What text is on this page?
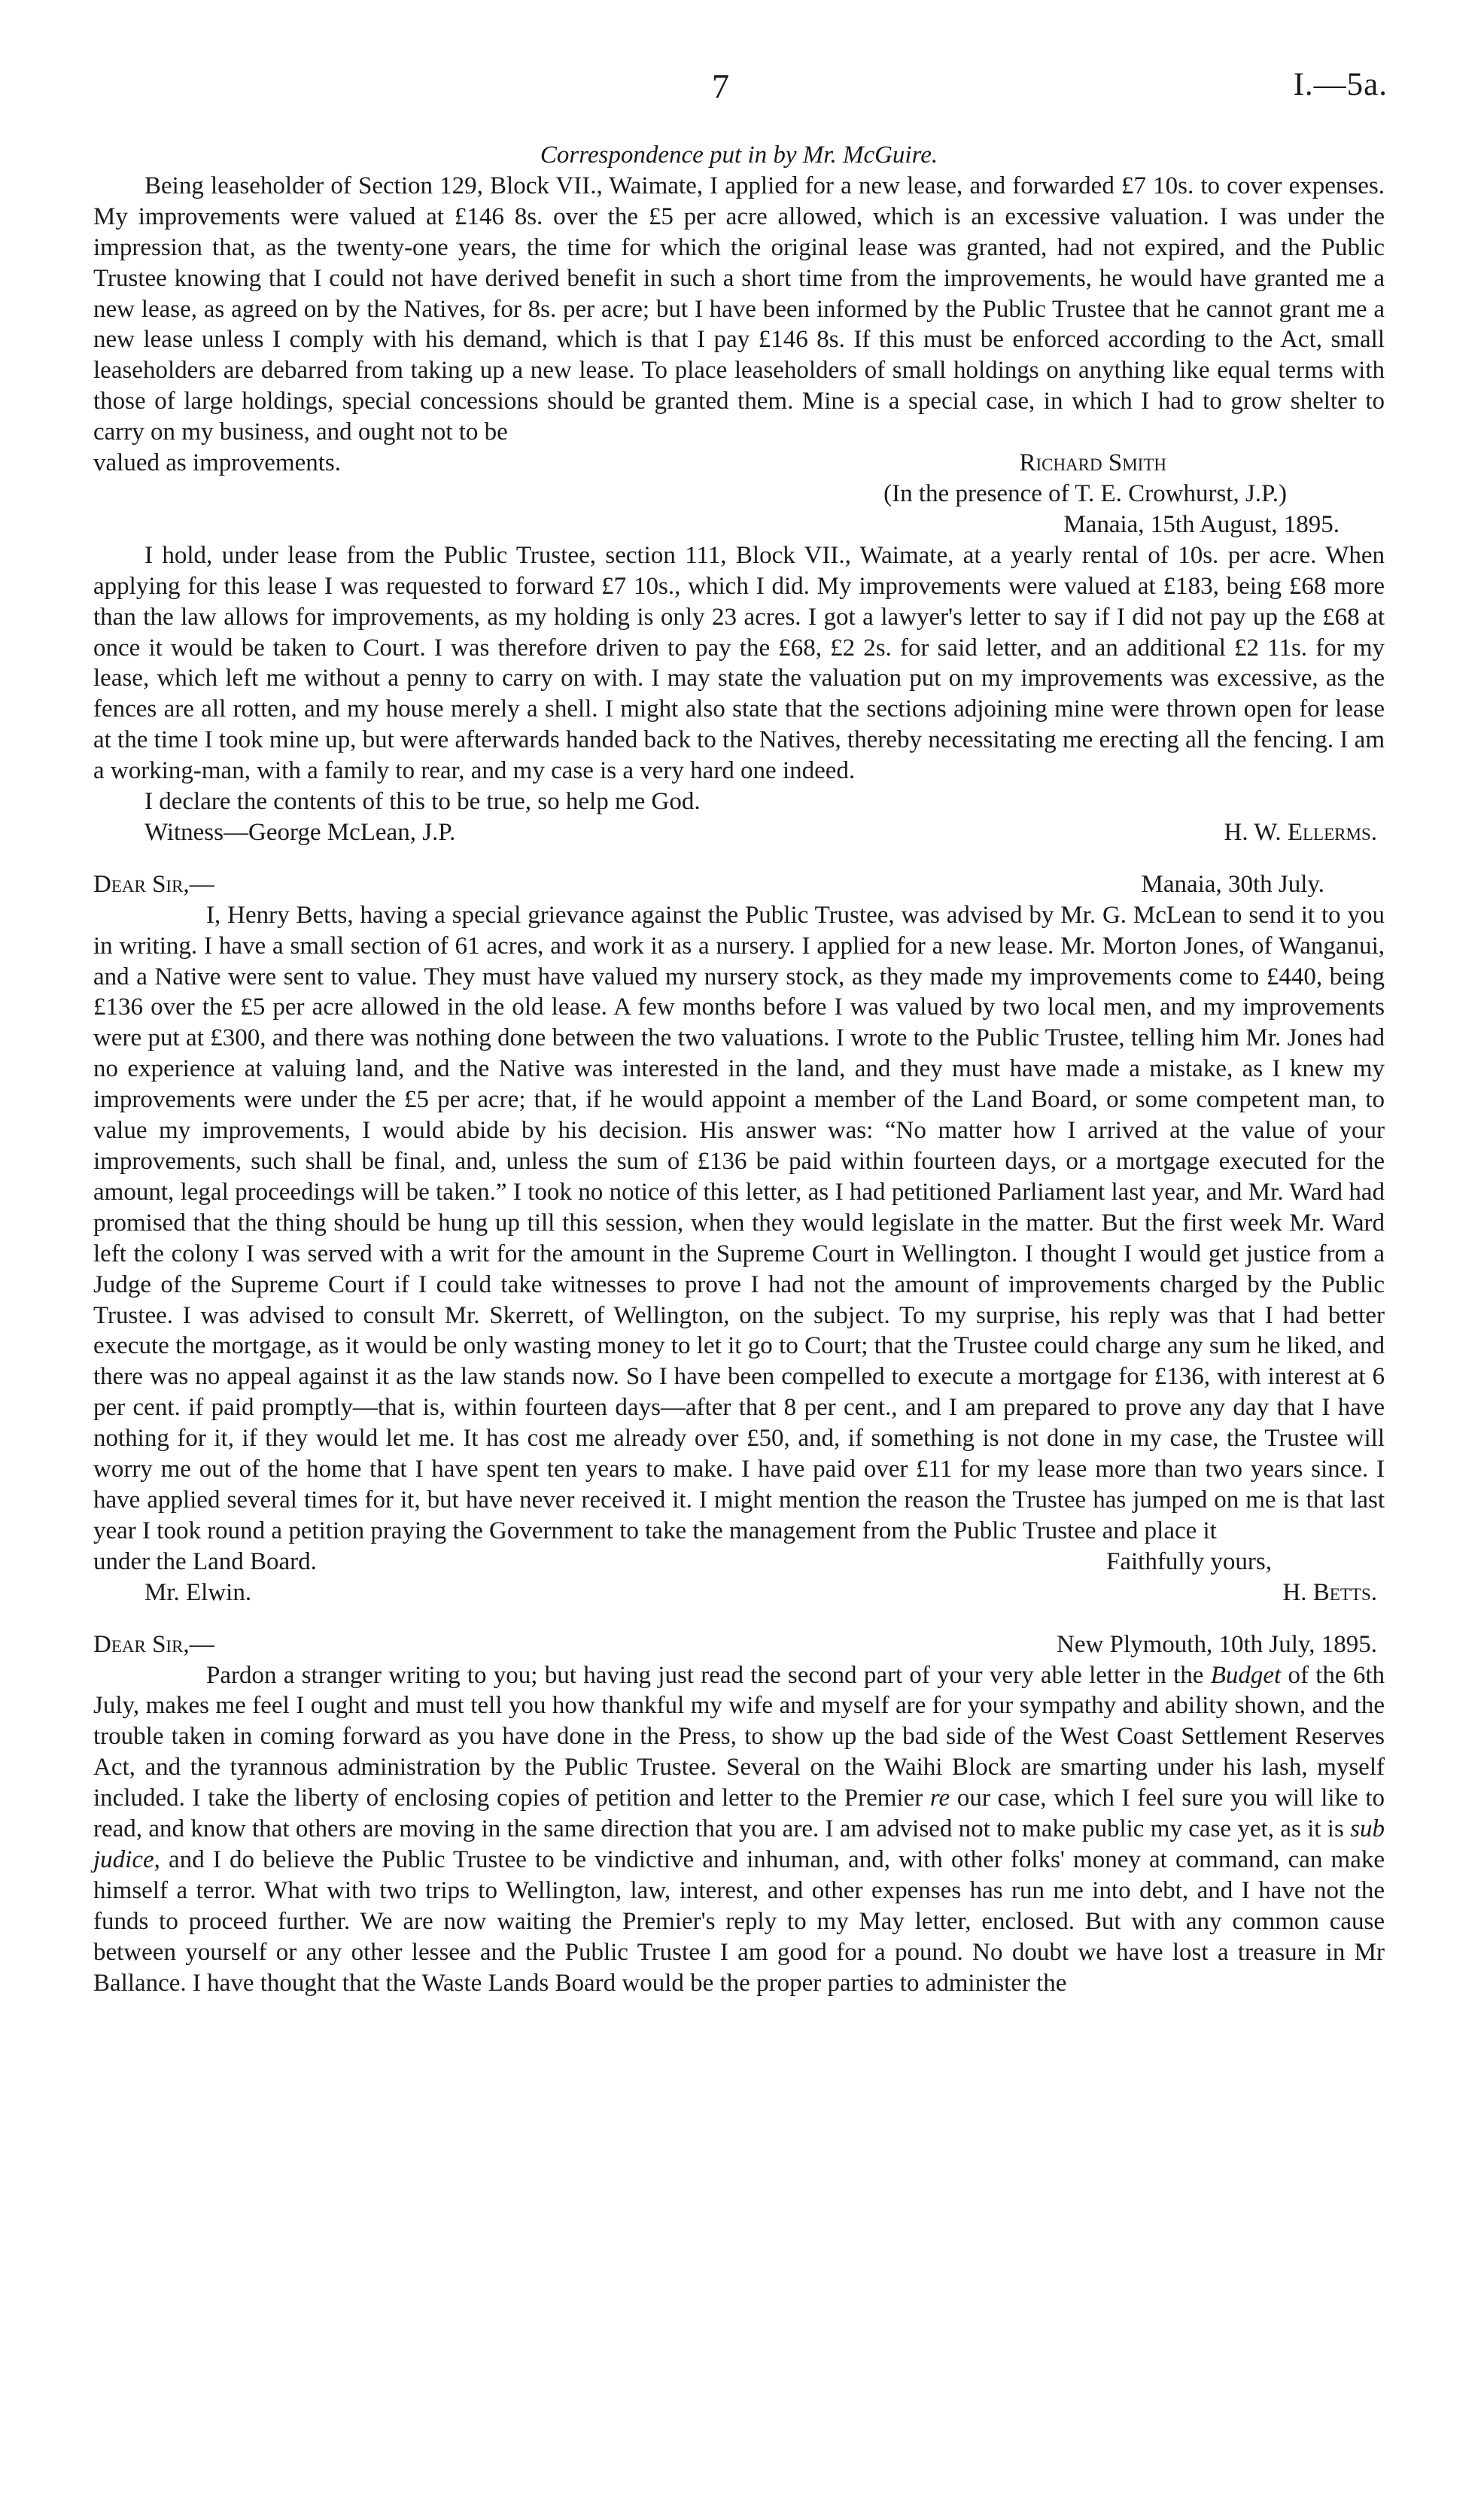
7	I.—5a.

Correspondence put in by Mr. McGuire.

Being leaseholder of Section 129, Block VII., Waimate, I applied for a new lease, and forwarded £7 10s. to cover expenses. My improvements were valued at £146 8s. over the £5 per acre allowed, which is an excessive valuation. I was under the impression that, as the twenty-one years, the time for which the original lease was granted, had not expired, and the Public Trustee knowing that I could not have derived benefit in such a short time from the improvements, he would have granted me a new lease, as agreed on by the Natives, for 8s. per acre; but I have been informed by the Public Trustee that he cannot grant me a new lease unless I comply with his demand, which is that I pay £146 8s. If this must be enforced according to the Act, small leaseholders are debarred from taking up a new lease. To place leaseholders of small holdings on anything like equal terms with those of large holdings, special concessions should be granted them. Mine is a special case, in which I had to grow shelter to carry on my business, and ought not to be

valued as improvements.	Richard Smith

(In the presence of T. E. Crowhurst, J.P.)

Manaia, 15th August, 1895.

I hold, under lease from the Public Trustee, section 111, Block VII., Waimate, at a yearly rental of 10s. per acre. When applying for this lease I was requested to forward £7 10s., which I did. My improvements were valued at £183, being £68 more than the law allows for improvements, as my holding is only 23 acres. I got a lawyer's letter to say if I did not pay up the £68 at once it would be taken to Court. I was therefore driven to pay the £68, £2 2s. for said letter, and an additional £2 11s. for my lease, which left me without a penny to carry on with. I may state the valuation put on my improvements was excessive, as the fences are all rotten, and my house merely a shell. I might also state that the sections adjoining mine were thrown open for lease at the time I took mine up, but were afterwards handed back to the Natives, thereby necessitating me erecting all the fencing. I am a working-man, with a family to rear, and my case is a very hard one indeed.

I declare the contents of this to be true, so help me God.

Witness—George McLean, J.P.	H. W. Ellerms.
Dear Sir,—	Manaia, 30th July.

I, Henry Betts, having a special grievance against the Public Trustee, was advised by Mr. G. McLean to send it to you in writing. I have a small section of 61 acres, and work it as a nursery. I applied for a new lease. Mr. Morton Jones, of Wanganui, and a Native were sent to value. They must have valued my nursery stock, as they made my improvements come to £440, being £136 over the £5 per acre allowed in the old lease. A few months before I was valued by two local men, and my improvements were put at £300, and there was nothing done between the two valuations. I wrote to the Public Trustee, telling him Mr. Jones had no experience at valuing land, and the Native was interested in the land, and they must have made a mistake, as I knew my improvements were under the £5 per acre; that, if he would appoint a member of the Land Board, or some competent man, to value my improvements, I would abide by his decision. His answer was: “No matter how I arrived at the value of your improvements, such shall be final, and, unless the sum of £136 be paid within fourteen days, or a mortgage executed for the amount, legal proceedings will be taken.” I took no notice of this letter, as I had petitioned Parliament last year, and Mr. Ward had promised that the thing should be hung up till this session, when they would legislate in the matter. But the first week Mr. Ward left the colony I was served with a writ for the amount in the Supreme Court in Wellington. I thought I would get justice from a Judge of the Supreme Court if I could take witnesses to prove I had not the amount of improvements charged by the Public Trustee. I was advised to consult Mr. Skerrett, of Wellington, on the subject. To my surprise, his reply was that I had better execute the mortgage, as it would be only wasting money to let it go to Court; that the Trustee could charge any sum he liked, and there was no appeal against it as the law stands now. So I have been compelled to execute a mortgage for £136, with interest at 6 per cent. if paid promptly—that is, within fourteen days—after that 8 per cent., and I am prepared to prove any day that I have nothing for it, if they would let me. It has cost me already over £50, and, if something is not done in my case, the Trustee will worry me out of the home that I have spent ten years to make. I have paid over £11 for my lease more than two years since. I have applied several times for it, but have never received it. I might mention the reason the Trustee has jumped on me is that last year I took round a petition praying the Government to take the management from the Public Trustee and place it

under the Land Board.	Faithfully yours,
Mr. Elwin.	H. Betts.
Dear Sir,—	New Plymouth, 10th July, 1895.

Pardon a stranger writing to you; but having just read the second part of your very able letter in the Budget of the 6th July, makes me feel I ought and must tell you how thankful my wife and myself are for your sympathy and ability shown, and the trouble taken in coming forward as you have done in the Press, to show up the bad side of the West Coast Settlement Reserves Act, and the tyrannous administration by the Public Trustee. Several on the Waihi Block are smarting under his lash, myself included. I take the liberty of enclosing copies of petition and letter to the Premier re our case, which I feel sure you will like to read, and know that others are moving in the same direction that you are. I am advised not to make public my case yet, as it is sub judice, and I do believe the Public Trustee to be vindictive and inhuman, and, with other folks' money at command, can make himself a terror. What with two trips to Wellington, law, interest, and other expenses has run me into debt, and I have not the funds to proceed further. We are now waiting the Premier's reply to my May letter, enclosed. But with any common cause between yourself or any other lessee and the Public Trustee I am good for a pound. No doubt we have lost a treasure in Mr Ballance. I have thought that the Waste Lands Board would be the proper parties to administer the
